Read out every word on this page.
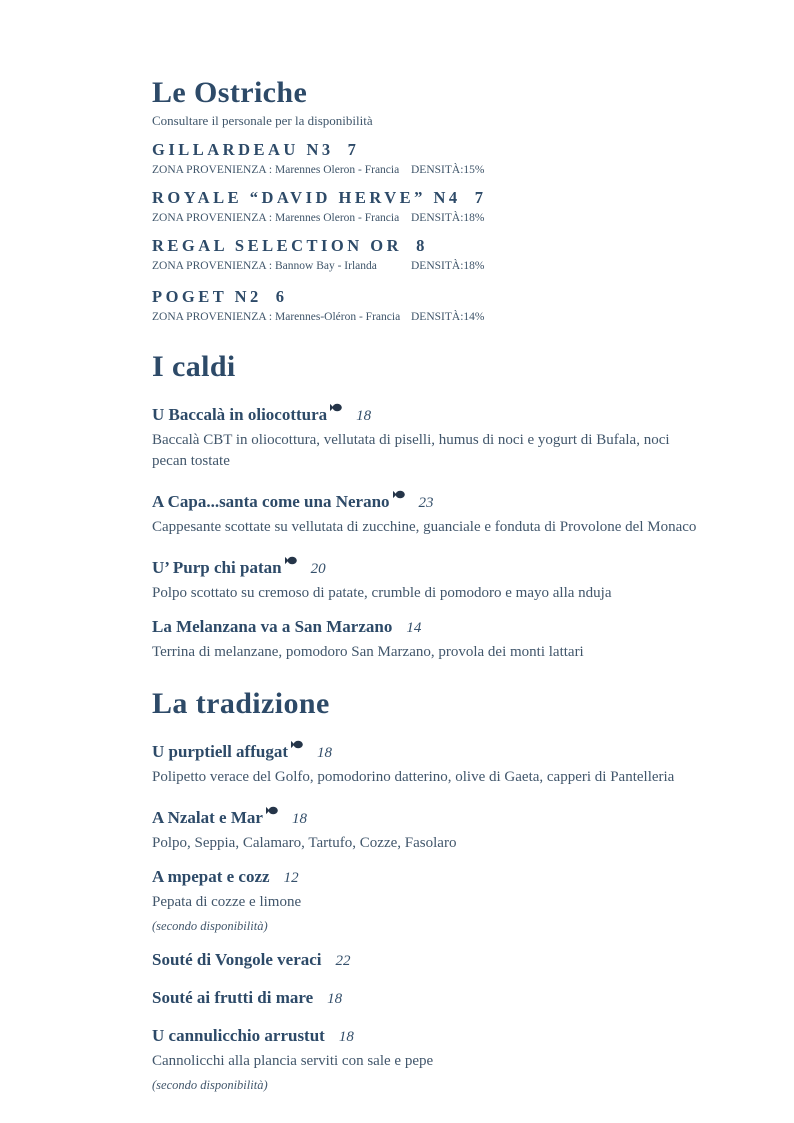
Le Ostriche

Consultare il personale per la disponibilità

GILLARDEAU N3 7
ZONA PROVENIENZA : Marennes Oleron - Francia	DENSITÀ:15%
ROYALE “DAVID HERVE” N4 7
ZONA PROVENIENZA : Marennes Oleron - Francia	DENSITÀ:18%
REGAL SELECTION OR 8
ZONA PROVENIENZA : Bannow Bay - Irlanda	DENSITÀ:18%
POGET N2 6
ZONA PROVENIENZA : Marennes-Oléron - Francia DENSITÀ:14%
I caldi
U Baccalà in oliocottura 18

Baccalà CBT in oliocottura, vellutata di piselli, humus di noci e yogurt di Bufala, noci pecan tostate

A Capa...santa come una Nerano 23

Cappesante scottate su vellutata di zucchine, guanciale e fonduta di Provolone del Monaco

U’ Purp chi patan 20

Polpo scottato su cremoso di patate, crumble di pomodoro e mayo alla nduja

La Melanzana va a San Marzano 14

Terrina di melanzane, pomodoro San Marzano, provola dei monti lattari

La tradizione
U purptiell affugat 18

Polipetto verace del Golfo, pomodorino datterino, olive di Gaeta, capperi di Pantelleria

A Nzalat e Mar 18

Polpo, Seppia, Calamaro, Tartufo, Cozze, Fasolaro

A mpepat e cozz 12

Pepata di cozze e limone

(secondo disponibilità)

Souté di Vongole veraci 22
Souté ai frutti di mare 18
U cannulicchio arrustut 18

Cannolicchi alla plancia serviti con sale e pepe

(secondo disponibilità)
